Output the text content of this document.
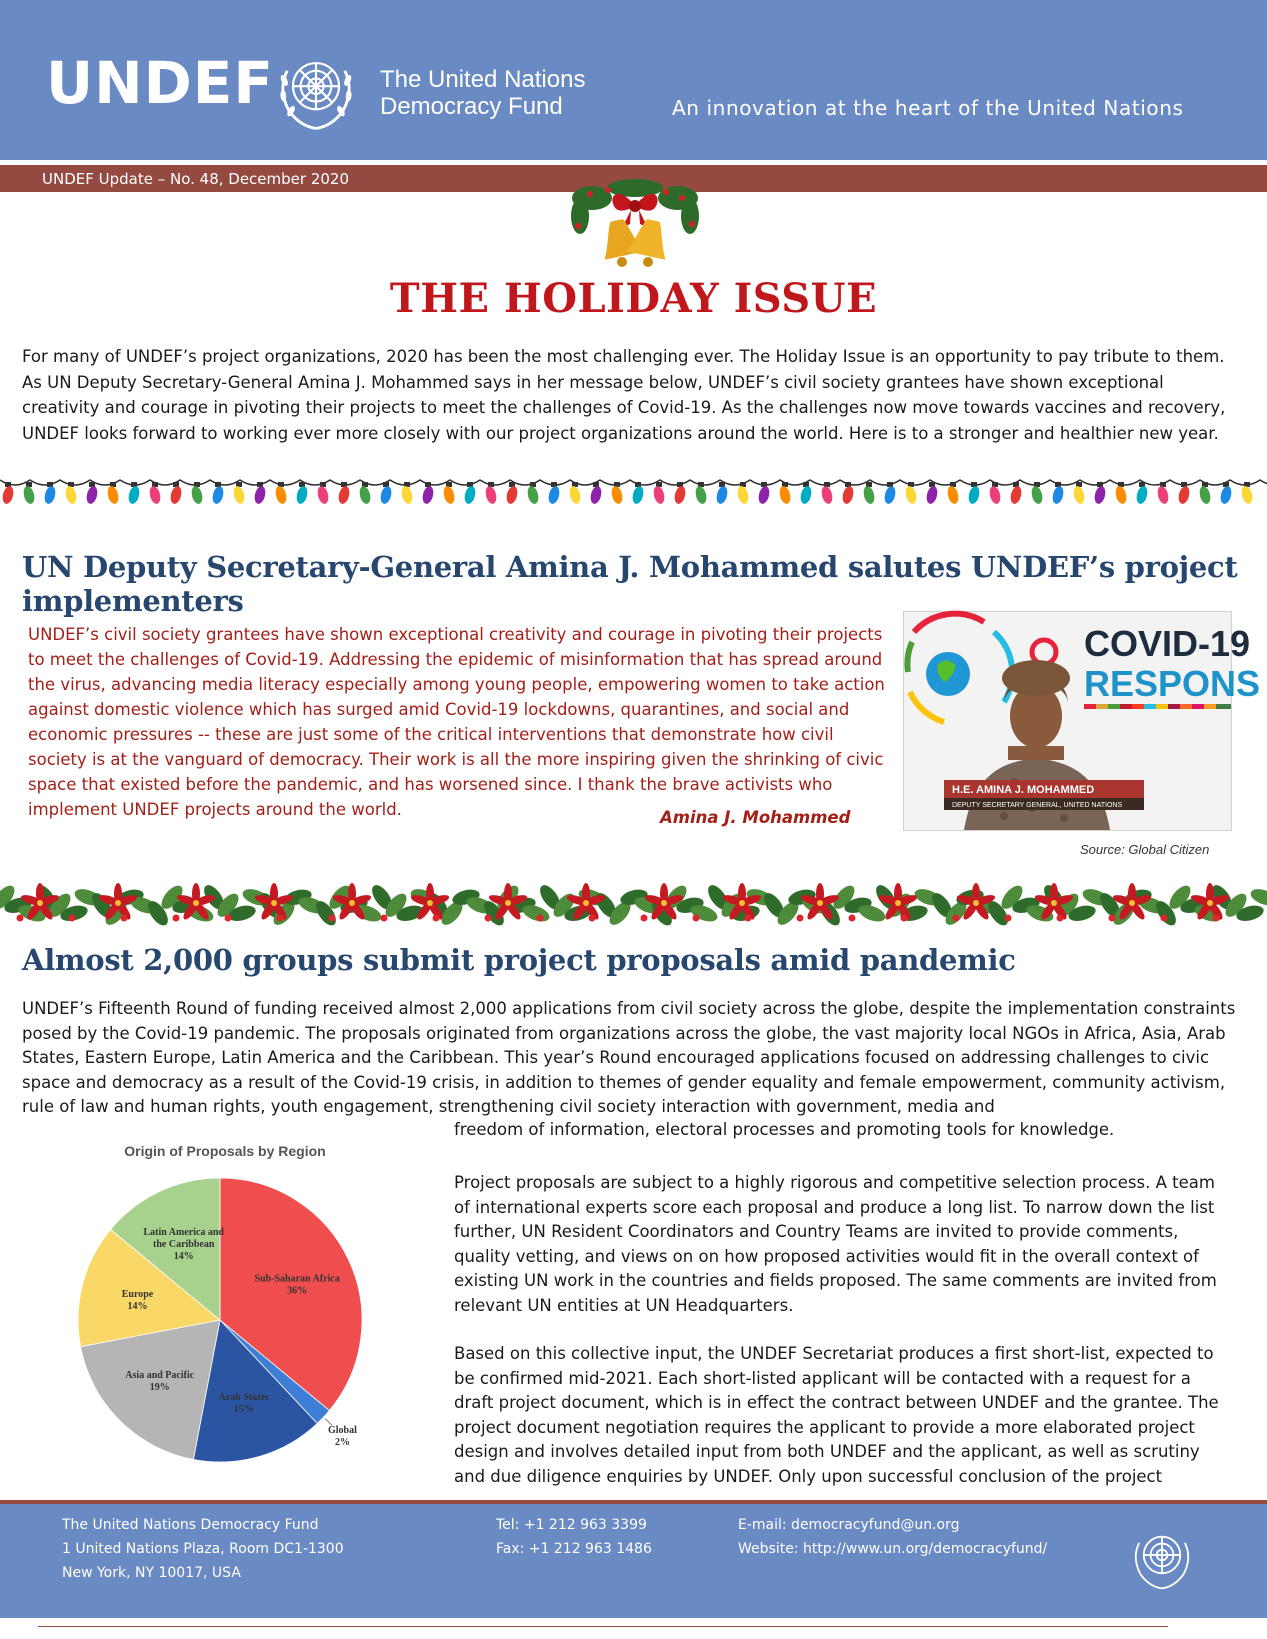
UNDEF	The United Nations
Democracy Fund	An innovation at the heart of the United Nations
UNDEF Update – No. 48, December 2020
THE HOLIDAY ISSUE
For many of UNDEF’s project organizations, 2020 has been the most challenging ever. The Holiday Issue is an opportunity to pay tribute to them. As UN Deputy Secretary-General Amina J. Mohammed says in her message below, UNDEF’s civil society grantees have shown exceptional creativity and courage in pivoting their projects to meet the challenges of Covid-19. As the challenges now move towards vaccines and recovery, UNDEF looks forward to working ever more closely with our project organizations around the world. Here is to a stronger and healthier new year.
UN Deputy Secretary-General Amina J. Mohammed salutes UNDEF’s project implementers
UNDEF’s civil society grantees have shown exceptional creativity and courage in pivoting their projects to meet the challenges of Covid-19. Addressing the epidemic of misinformation that has spread around the virus, advancing media literacy especially among young people, empowering women to take action against domestic violence which has surged amid Covid-19 lockdowns, quarantines, and social and economic pressures -- these are just some of the critical interventions that demonstrate how civil society is at the vanguard of democracy. Their work is all the more inspiring given the shrinking of civic space that existed before the pandemic, and has worsened since. I thank the brave activists who implement UNDEF projects around the world.	Amina J. Mohammed
COVID-19
RESPONS
H.E. AMINA J. MOHAMMED
DEPUTY SECRETARY GENERAL, UNITED NATIONS
Source: Global Citizen
Almost 2,000 groups submit project proposals amid pandemic
UNDEF’s Fifteenth Round of funding received almost 2,000 applications from civil society across the globe, despite the implementation constraints posed by the Covid-19 pandemic. The proposals originated from organizations across the globe, the vast majority local NGOs in Africa, Asia, Arab States, Eastern Europe, Latin America and the Caribbean. This year’s Round encouraged applications focused on addressing challenges to civic space and democracy as a result of the Covid-19 crisis, in addition to themes of gender equality and female empowerment, community activism, rule of law and human rights, youth engagement, strengthening civil society interaction with government, media and
freedom of information, electoral processes and promoting tools for knowledge.
Project proposals are subject to a highly rigorous and competitive selection process. A team of international experts score each proposal and produce a long list. To narrow down the list further, UN Resident Coordinators and Country Teams are invited to provide comments, quality vetting, and views on on how proposed activities would fit in the overall context of existing UN work in the countries and fields proposed. The same comments are invited from relevant UN entities at UN Headquarters.
Based on this collective input, the UNDEF Secretariat produces a first short-list, expected to be confirmed mid-2021. Each short-listed applicant will be contacted with a request for a draft project document, which is in effect the contract between UNDEF and the grantee. The project document negotiation requires the applicant to provide a more elaborated project design and involves detailed input from both UNDEF and the applicant, as well as scrutiny and due diligence enquiries by UNDEF. Only upon successful conclusion of the project
Origin of Proposals by Region
Sub-Saharan Africa 36%
Global 2%
Arab States 15%
Asia and Pacific 19%
Europe 14%
Latin America and the Caribbean 14%
The United Nations Democracy Fund
1 United Nations Plaza, Room DC1-1300
New York, NY 10017, USA
Tel: +1 212 963 3399
Fax: +1 212 963 1486
E-mail: democracyfund@un.org
Website: http://www.un.org/democracyfund/
